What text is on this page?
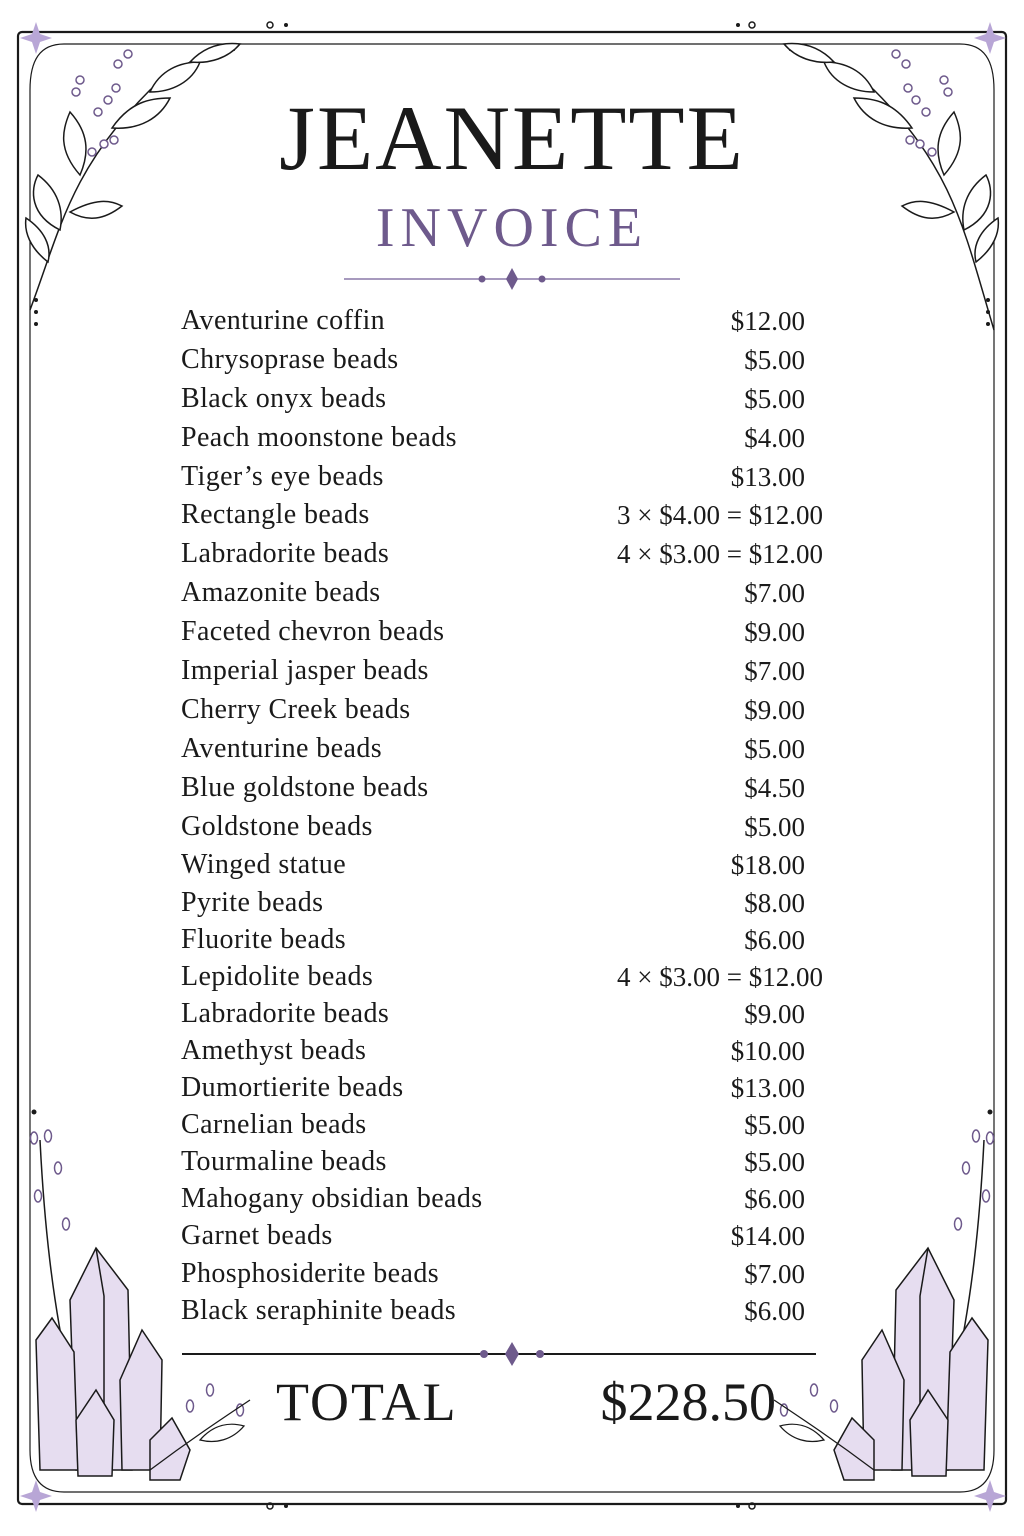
JEANETTE
INVOICE
Aventurine coffin	$12.00
Chrysoprase beads	$5.00
Black onyx beads	$5.00
Peach moonstone beads	$4.00
Tiger’s eye beads	$13.00
Rectangle beads	3 × $4.00 = $12.00
Labradorite beads	4 × $3.00 = $12.00
Amazonite beads	$7.00
Faceted chevron beads	$9.00
Imperial jasper beads	$7.00
Cherry Creek beads	$9.00
Aventurine beads	$5.00
Blue goldstone beads	$4.50
Goldstone beads	$5.00
Winged statue	$18.00
Pyrite beads	$8.00
Fluorite beads	$6.00
Lepidolite beads	4 × $3.00 = $12.00
Labradorite beads	$9.00
Amethyst beads	$10.00
Dumortierite beads	$13.00
Carnelian beads	$5.00
Tourmaline beads	$5.00
Mahogany obsidian beads	$6.00
Garnet beads	$14.00
Phosphosiderite beads	$7.00
Black seraphinite beads	$6.00
TOTAL	$228.50
